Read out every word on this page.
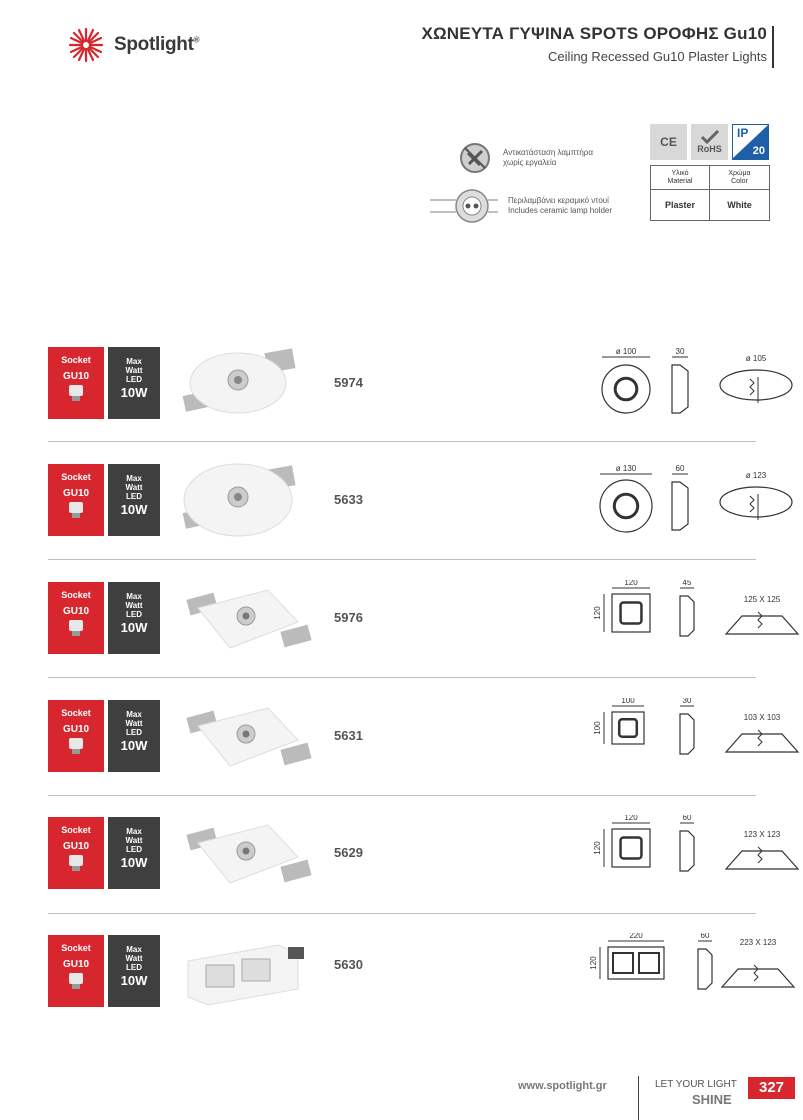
Spotlight®	ΧΩΝΕΥΤΑ ΓΥΨΙΝΑ SPOTS ΟΡΟΦΗΣ Gu10
Ceiling Recessed Gu10 Plaster Lights
Αντικατάσταση λαμπτήρα
χωρίς εργαλεία
Περιλαμβάνει κεραμικό ντουί
Includes ceramic lamp holder
CE	RoHS
IP
20
Υλικό
Material
Χρώμα
Color
Plaster	White
Socket
GU10
Max
Watt
LED
10W
5974
ø 100	30
ø 105
Socket
GU10
Max
Watt
LED
10W
5633
ø 130	60
ø 123
Socket
GU10
Max
Watt
LED
10W
5976
120
120
45
125 X 125
Socket
GU10
Max
Watt
LED
10W
5631
100
100
30
103 X 103
Socket
GU10
Max
Watt
LED
10W
5629
120
120
60
123 X 123
Socket
GU10
Max
Watt
LED
10W
5630
220
120
60
223 X 123
www.spotlight.gr	LET YOUR LIGHT
SHINE
327
